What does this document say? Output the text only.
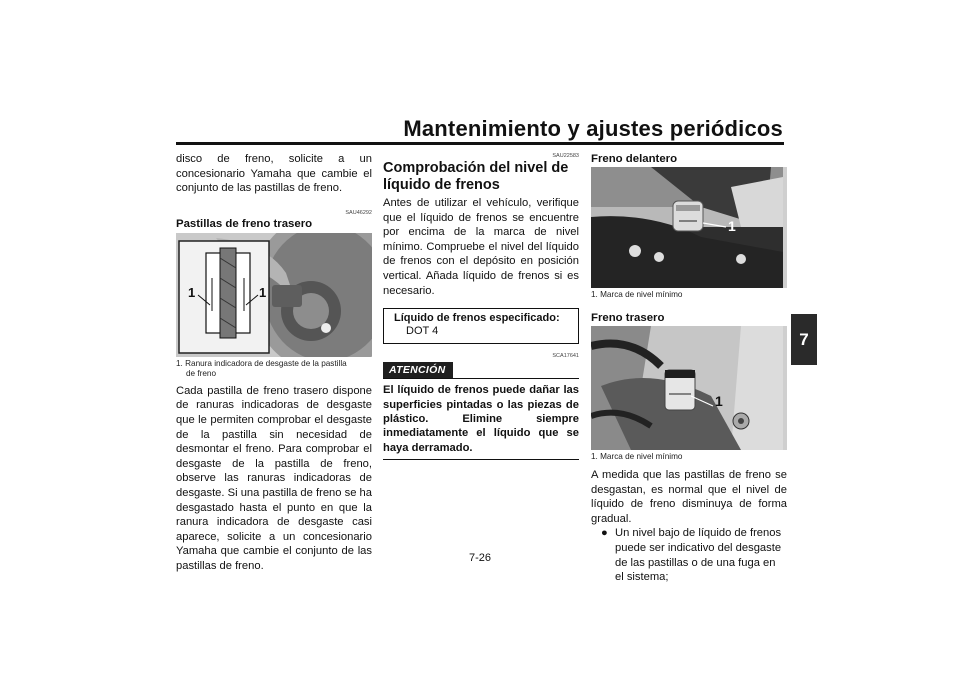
Mantenimiento y ajustes periódicos
7

disco de freno, solicite a un concesionario Yamaha que cambie el conjunto de las pastillas de freno.

SAU46292
Pastillas de freno trasero
1	1
1. Ranura indicadora de desgaste de la pastilla
de freno

Cada pastilla de freno trasero dispone de ranuras indicadoras de desgaste que le permiten comprobar el desgaste de la pastilla sin necesidad de desmontar el freno. Para comprobar el desgaste de la pastilla de freno, observe las ranuras indicadoras de desgaste. Si una pastilla de freno se ha desgastado hasta el punto en que la ranura indicadora de desgaste casi aparece, solicite a un concesionario Yamaha que cambie el conjunto de las pastillas de freno.

SAU22583
Comprobación del nivel de líquido de frenos

Antes de utilizar el vehículo, verifique que el líquido de frenos se encuentre por encima de la marca de nivel mínimo. Compruebe el nivel del líquido de frenos con el depósito en posición vertical. Añada líquido de frenos si es necesario.

Líquido de frenos especificado:
DOT 4
SCA17641
ATENCIÓN
El líquido de frenos puede dañar las superficies pintadas o las piezas de plástico. Elimine siempre inmediatamente el líquido que se haya derramado.
Freno delantero
1
1. Marca de nivel mínimo
Freno trasero
1
1. Marca de nivel mínimo

A medida que las pastillas de freno se desgastan, es normal que el nivel de líquido de freno disminuya de forma gradual.

● Un nivel bajo de líquido de frenos puede ser indicativo del desgaste de las pastillas o de una fuga en el sistema;
7-26
